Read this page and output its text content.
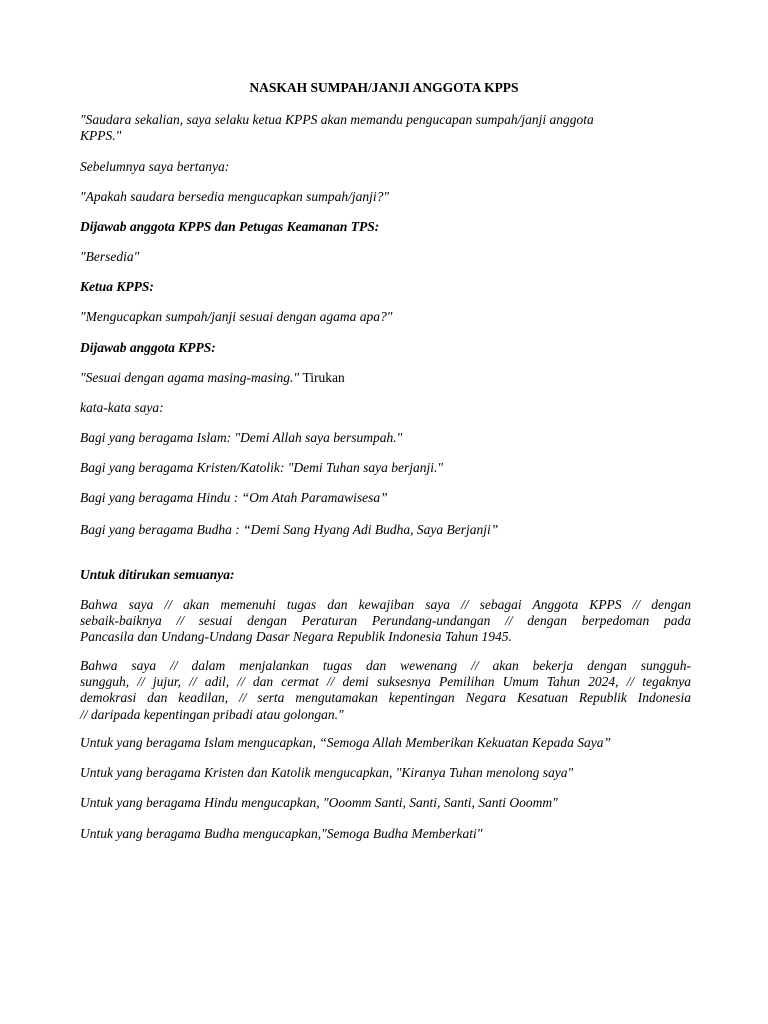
NASKAH SUMPAH/JANJI ANGGOTA KPPS
"Saudara sekalian, saya selaku ketua KPPS akan memandu pengucapan sumpah/janji anggota
KPPS."
Sebelumnya saya bertanya:
"Apakah saudara bersedia mengucapkan sumpah/janji?"
Dijawab anggota KPPS dan Petugas Keamanan TPS:
"Bersedia"
Ketua KPPS:
"Mengucapkan sumpah/janji sesuai dengan agama apa?"
Dijawab anggota KPPS:
"Sesuai dengan agama masing-masing." Tirukan
kata-kata saya:
Bagi yang beragama Islam: "Demi Allah saya bersumpah."
Bagi yang beragama Kristen/Katolik: "Demi Tuhan saya berjanji."
Bagi yang beragama Hindu : “Om Atah Paramawisesa”
Bagi yang beragama Budha : “Demi Sang Hyang Adi Budha, Saya Berjanji”
Untuk ditirukan semuanya:
Bahwa saya // akan memenuhi tugas dan kewajiban saya // sebagai Anggota KPPS // dengan
sebaik-baiknya // sesuai dengan Peraturan Perundang-undangan // dengan berpedoman pada
Pancasila dan Undang-Undang Dasar Negara Republik Indonesia Tahun 1945.
Bahwa saya // dalam menjalankan tugas dan wewenang // akan bekerja dengan sungguh-
sungguh, // jujur, // adil, // dan cermat // demi suksesnya Pemilihan Umum Tahun 2024, // tegaknya
demokrasi dan keadilan, // serta mengutamakan kepentingan Negara Kesatuan Republik Indonesia
// daripada kepentingan pribadi atau golongan."
Untuk yang beragama Islam mengucapkan, “Semoga Allah Memberikan Kekuatan Kepada Saya”
Untuk yang beragama Kristen dan Katolik mengucapkan, "Kiranya Tuhan menolong saya"
Untuk yang beragama Hindu mengucapkan, "Ooomm Santi, Santi, Santi, Santi Ooomm"
Untuk yang beragama Budha mengucapkan,"Semoga Budha Memberkati"
